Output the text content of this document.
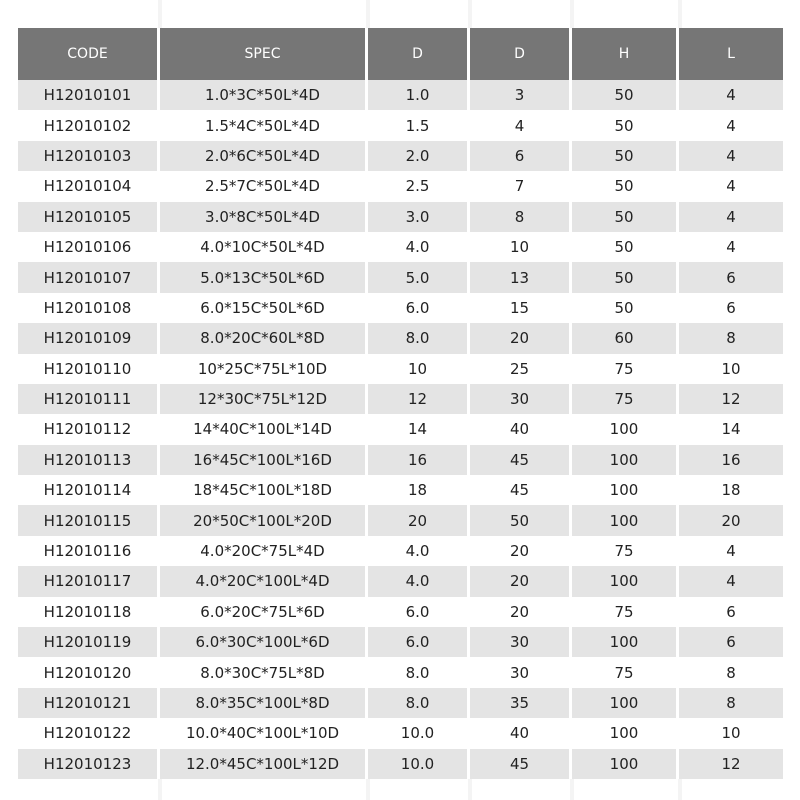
CODE	SPEC	D	D	H	L
H12010101	1.0*3C*50L*4D	1.0	3	50	4
H12010102	1.5*4C*50L*4D	1.5	4	50	4
H12010103	2.0*6C*50L*4D	2.0	6	50	4
H12010104	2.5*7C*50L*4D	2.5	7	50	4
H12010105	3.0*8C*50L*4D	3.0	8	50	4
H12010106	4.0*10C*50L*4D	4.0	10	50	4
H12010107	5.0*13C*50L*6D	5.0	13	50	6
H12010108	6.0*15C*50L*6D	6.0	15	50	6
H12010109	8.0*20C*60L*8D	8.0	20	60	8
H12010110	10*25C*75L*10D	10	25	75	10
H12010111	12*30C*75L*12D	12	30	75	12
H12010112	14*40C*100L*14D	14	40	100	14
H12010113	16*45C*100L*16D	16	45	100	16
H12010114	18*45C*100L*18D	18	45	100	18
H12010115	20*50C*100L*20D	20	50	100	20
H12010116	4.0*20C*75L*4D	4.0	20	75	4
H12010117	4.0*20C*100L*4D	4.0	20	100	4
H12010118	6.0*20C*75L*6D	6.0	20	75	6
H12010119	6.0*30C*100L*6D	6.0	30	100	6
H12010120	8.0*30C*75L*8D	8.0	30	75	8
H12010121	8.0*35C*100L*8D	8.0	35	100	8
H12010122	10.0*40C*100L*10D	10.0	40	100	10
H12010123	12.0*45C*100L*12D	10.0	45	100	12
